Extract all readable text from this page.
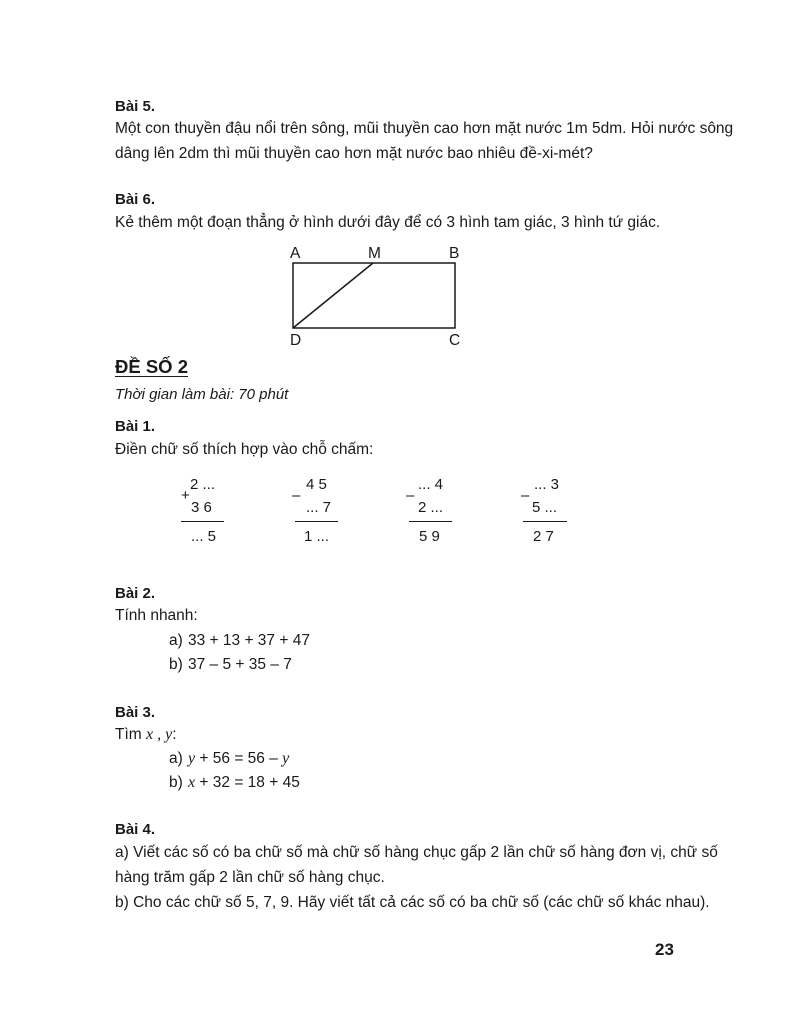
Bài 5.
Một con thuyền đậu nổi trên sông, mũi thuyền cao hơn mặt nước 1m 5dm. Hỏi nước sông
dâng lên 2dm thì mũi thuyền cao hơn mặt nước bao nhiêu đề-xi-mét?
Bài 6.
Kẻ thêm một đoạn thẳng ở hình dưới đây để có 3 hình tam giác, 3 hình tứ giác.
A	M	B
D	C
ĐỀ SỐ 2
Thời gian làm bài: 70 phút
Bài 1.
Điền chữ số thích hợp vào chỗ chấm:
2 ...
+
3 6
... 5
4 5
–
... 7
1 ...
... 4
–
2 ...
5 9
... 3
–
5 ...
2 7
Bài 2.
Tính nhanh:
a) 33 + 13 + 37 + 47
b) 37 – 5 + 35 – 7
Bài 3.
Tìm x , y:
a) y + 56 = 56 – y
b) x + 32 = 18 + 45
Bài 4.
a) Viết các số có ba chữ số mà chữ số hàng chục gấp 2 lần chữ số hàng đơn vị, chữ số
hàng trăm gấp 2 lần chữ số hàng chục.
b) Cho các chữ số 5, 7, 9. Hãy viết tất cả các số có ba chữ số (các chữ số khác nhau).
23
